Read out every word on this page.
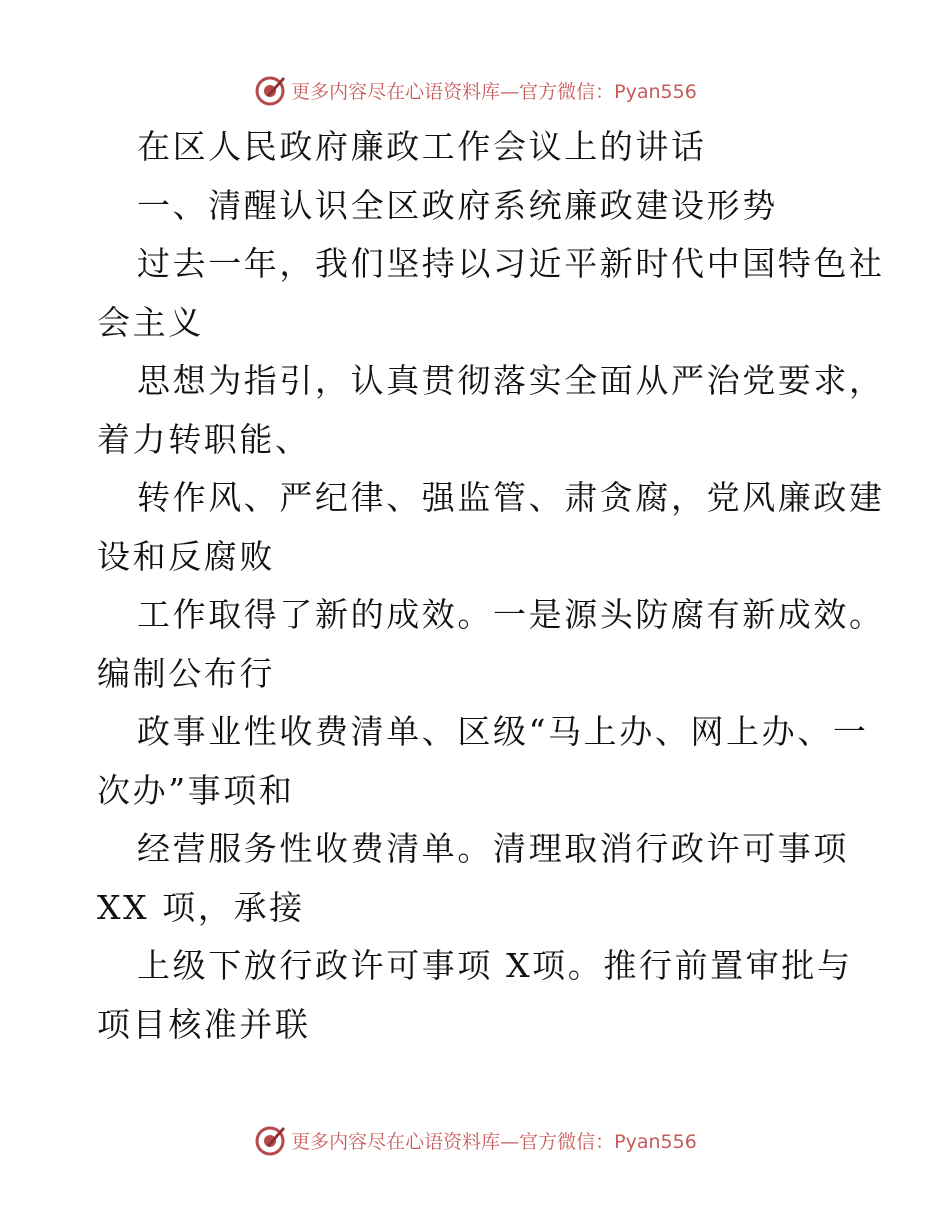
更多内容尽在心语资料库—官方微信：Pyan556

在区人民政府廉政工作会议上的讲话

一、清醒认识全区政府系统廉政建设形势

过去一年，我们坚持以习近平新时代中国特色社

会主义

思想为指引，认真贯彻落实全面从严治党要求，

着力转职能、

转作风、严纪律、强监管、肃贪腐，党风廉政建

设和反腐败

工作取得了新的成效。一是源头防腐有新成效。

编制公布行

政事业性收费清单、区级“马上办、网上办、一

次办”事项和

经营服务性收费清单。清理取消行政许可事项

XX 项，承接

上级下放行政许可事项 X项。推行前置审批与

项目核准并联

更多内容尽在心语资料库—官方微信：Pyan556
